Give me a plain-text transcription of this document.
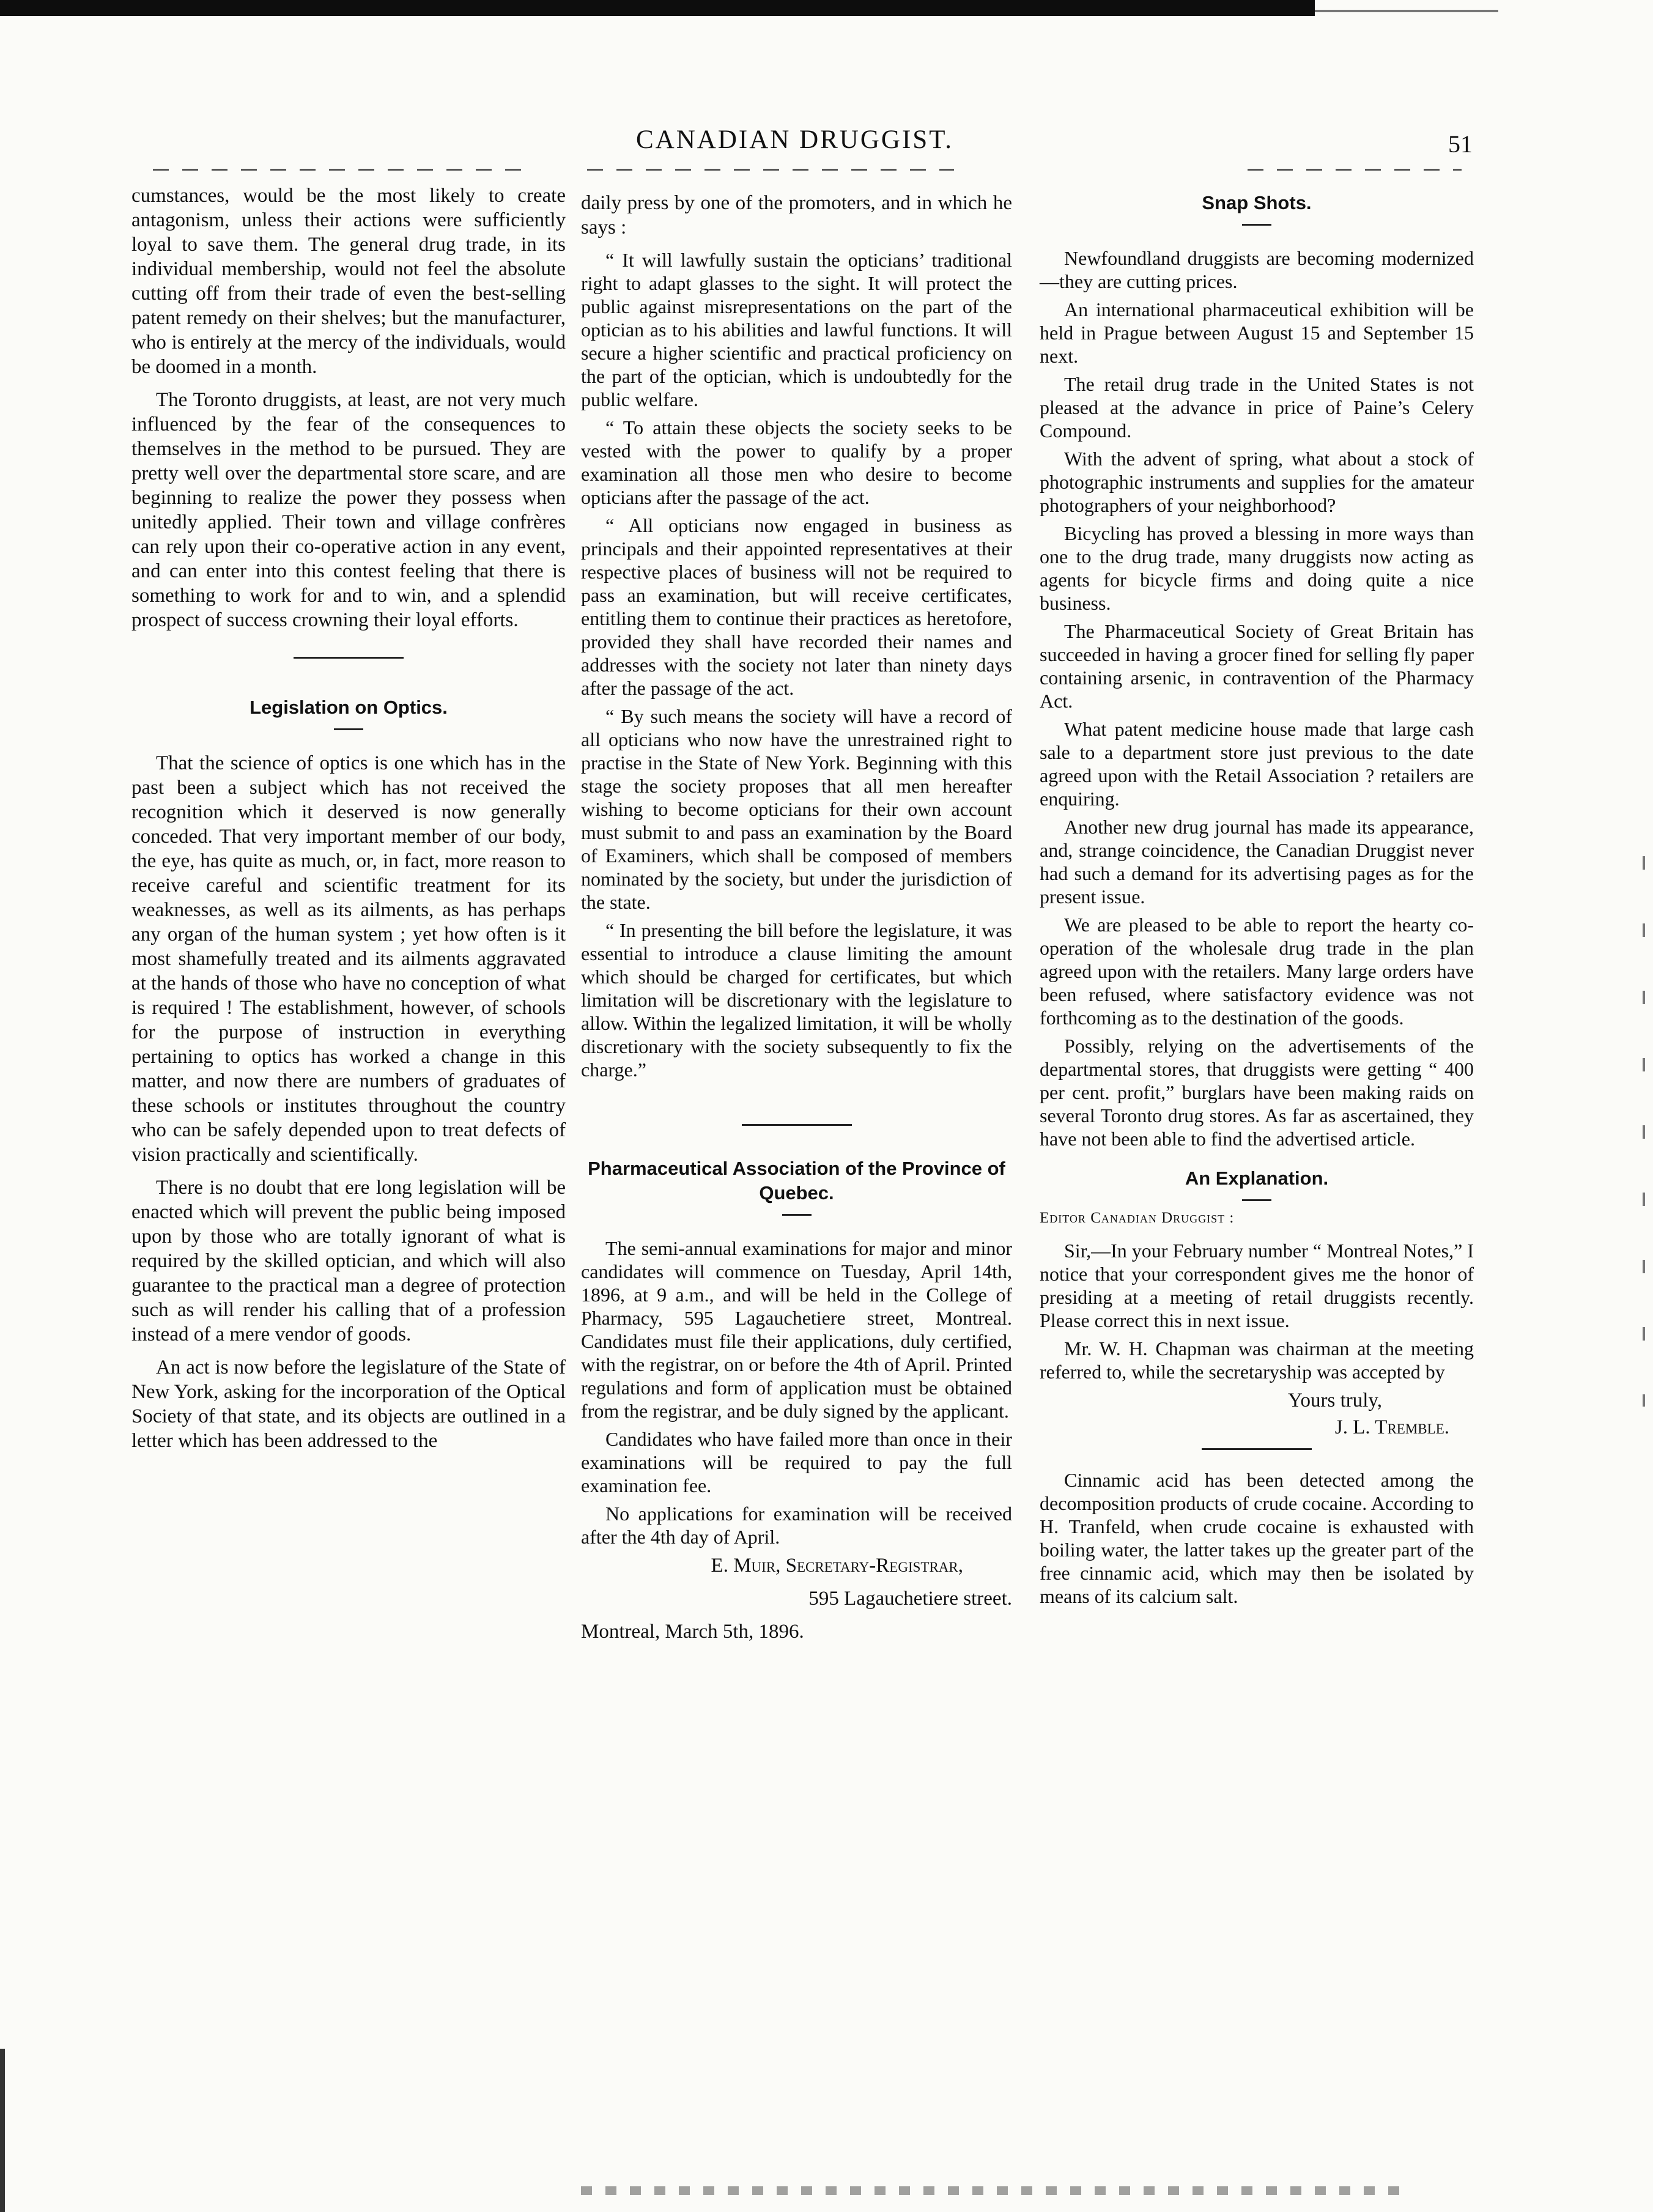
CANADIAN DRUGGIST.	51

cumstances, would be the most likely to create antagonism, unless their actions were sufficiently loyal to save them. The general drug trade, in its individual membership, would not feel the absolute cutting off from their trade of even the best-selling patent remedy on their shelves; but the manufacturer, who is entirely at the mercy of the individuals, would be doomed in a month.

The Toronto druggists, at least, are not very much influenced by the fear of the consequences to themselves in the method to be pursued. They are pretty well over the departmental store scare, and are beginning to realize the power they possess when unitedly applied. Their town and village confrères can rely upon their co-operative action in any event, and can enter into this contest feeling that there is something to work for and to win, and a splendid prospect of success crowning their loyal efforts.

Legislation on Optics.

That the science of optics is one which has in the past been a subject which has not received the recognition which it deserved is now generally conceded. That very important member of our body, the eye, has quite as much, or, in fact, more reason to receive careful and scientific treatment for its weaknesses, as well as its ailments, as has perhaps any organ of the human system ; yet how often is it most shamefully treated and its ailments aggravated at the hands of those who have no conception of what is required ! The establishment, however, of schools for the purpose of instruction in everything pertaining to optics has worked a change in this matter, and now there are numbers of graduates of these schools or institutes throughout the country who can be safely depended upon to treat defects of vision practically and scientifically.

There is no doubt that ere long legislation will be enacted which will prevent the public being imposed upon by those who are totally ignorant of what is required by the skilled optician, and which will also guarantee to the practical man a degree of protection such as will render his calling that of a profession instead of a mere vendor of goods.

An act is now before the legislature of the State of New York, asking for the incorporation of the Optical Society of that state, and its objects are outlined in a letter which has been addressed to the

daily press by one of the promoters, and in which he says :

“ It will lawfully sustain the opticians’ traditional right to adapt glasses to the sight. It will protect the public against misrepresentations on the part of the optician as to his abilities and lawful functions. It will secure a higher scientific and practical proficiency on the part of the optician, which is undoubtedly for the public welfare.

“ To attain these objects the society seeks to be vested with the power to qualify by a proper examination all those men who desire to become opticians after the passage of the act.

“ All opticians now engaged in business as principals and their appointed representatives at their respective places of business will not be required to pass an examination, but will receive certificates, entitling them to continue their practices as heretofore, provided they shall have recorded their names and addresses with the society not later than ninety days after the passage of the act.

“ By such means the society will have a record of all opticians who now have the unrestrained right to practise in the State of New York. Beginning with this stage the society proposes that all men hereafter wishing to become opticians for their own account must submit to and pass an examination by the Board of Examiners, which shall be composed of members nominated by the society, but under the jurisdiction of the state.

“ In presenting the bill before the legislature, it was essential to introduce a clause limiting the amount which should be charged for certificates, but which limitation will be discretionary with the legislature to allow. Within the legalized limitation, it will be wholly discretionary with the society subsequently to fix the charge.”

Pharmaceutical Association of the Province of Quebec.

The semi-annual examinations for major and minor candidates will commence on Tuesday, April 14th, 1896, at 9 a.m., and will be held in the College of Pharmacy, 595 Lagauchetiere street, Montreal. Candidates must file their applications, duly certified, with the registrar, on or before the 4th of April. Printed regulations and form of application must be obtained from the registrar, and be duly signed by the applicant.

Candidates who have failed more than once in their examinations will be required to pay the full examination fee.

No applications for examination will be received after the 4th day of April.

E. Muir, Secretary-Registrar,

595 Lagauchetiere street.

Montreal, March 5th, 1896.

Snap Shots.

Newfoundland druggists are becoming modernized—they are cutting prices.

An international pharmaceutical exhibition will be held in Prague between August 15 and September 15 next.

The retail drug trade in the United States is not pleased at the advance in price of Paine’s Celery Compound.

With the advent of spring, what about a stock of photographic instruments and supplies for the amateur photographers of your neighborhood?

Bicycling has proved a blessing in more ways than one to the drug trade, many druggists now acting as agents for bicycle firms and doing quite a nice business.

The Pharmaceutical Society of Great Britain has succeeded in having a grocer fined for selling fly paper containing arsenic, in contravention of the Pharmacy Act.

What patent medicine house made that large cash sale to a department store just previous to the date agreed upon with the Retail Association ? retailers are enquiring.

Another new drug journal has made its appearance, and, strange coincidence, the Canadian Druggist never had such a demand for its advertising pages as for the present issue.

We are pleased to be able to report the hearty co-operation of the wholesale drug trade in the plan agreed upon with the retailers. Many large orders have been refused, where satisfactory evidence was not forthcoming as to the destination of the goods.

Possibly, relying on the advertisements of the departmental stores, that druggists were getting “ 400 per cent. profit,” burglars have been making raids on several Toronto drug stores. As far as ascertained, they have not been able to find the advertised article.

An Explanation.

Editor Canadian Druggist :

Sir,—In your February number “ Montreal Notes,” I notice that your correspondent gives me the honor of presiding at a meeting of retail druggists recently. Please correct this in next issue.

Mr. W. H. Chapman was chairman at the meeting referred to, while the secretaryship was accepted by

Yours truly,

J. L. Tremble.

Cinnamic acid has been detected among the decomposition products of crude cocaine. According to H. Tranfeld, when crude cocaine is exhausted with boiling water, the latter takes up the greater part of the free cinnamic acid, which may then be isolated by means of its calcium salt.
